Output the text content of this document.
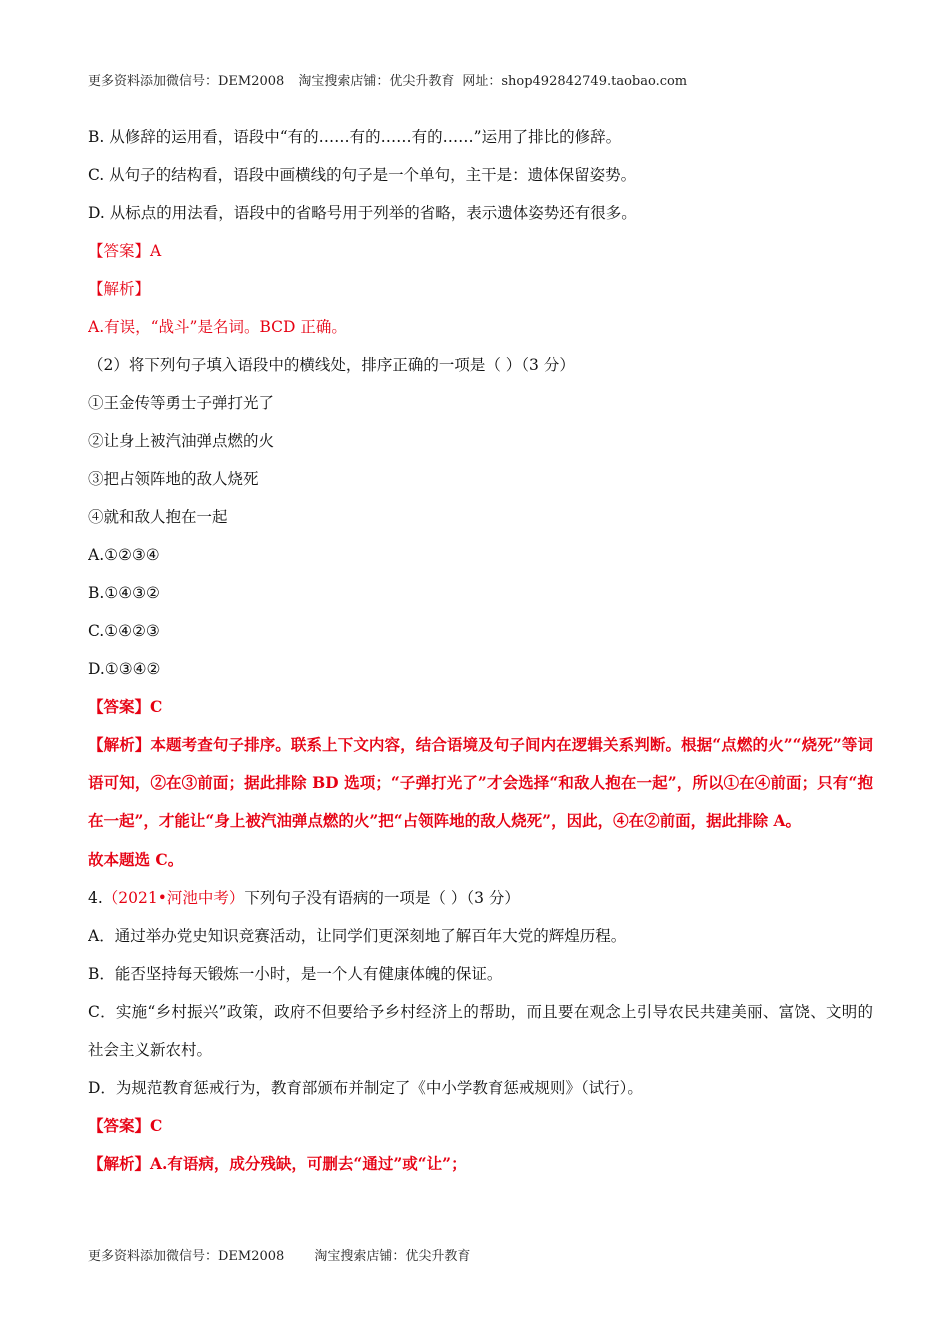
更多资料添加微信号：DEM2008 淘宝搜索店铺：优尖升教育 网址：shop492842749.taobao.com
B. 从修辞的运用看，语段中“有的……有的……有的……”运用了排比的修辞。
C. 从句子的结构看，语段中画横线的句子是一个单句，主干是：遗体保留姿势。
D. 从标点的用法看，语段中的省略号用于列举的省略，表示遗体姿势还有很多。
【答案】A
【解析】
A.有误，“战斗”是名词。BCD 正确。
（2）将下列句子填入语段中的横线处，排序正确的一项是（ ）（3 分）
①王金传等勇士子弹打光了
②让身上被汽油弹点燃的火
③把占领阵地的敌人烧死
④就和敌人抱在一起
A.①②③④
B.①④③②
C.①④②③
D.①③④②
【答案】C
【解析】本题考查句子排序。联系上下文内容，结合语境及句子间内在逻辑关系判断。根据“点燃的火”“烧死”等词语可知，②在③前面；据此排除 BD 选项；“子弹打光了”才会选择“和敌人抱在一起”，所以①在④前面；只有“抱在一起”，才能让“身上被汽油弹点燃的火”把“占领阵地的敌人烧死”，因此，④在②前面，据此排除 A。
故本题选 C。
4.（2021•河池中考）下列句子没有语病的一项是（ ）（3 分）
A．通过举办党史知识竞赛活动，让同学们更深刻地了解百年大党的辉煌历程。
B．能否坚持每天锻炼一小时，是一个人有健康体魄的保证。
C．实施“乡村振兴”政策，政府不但要给予乡村经济上的帮助，而且要在观念上引导农民共建美丽、富饶、文明的社会主义新农村。
D．为规范教育惩戒行为，教育部颁布并制定了《中小学教育惩戒规则》（试行）。
【答案】C
【解析】A.有语病，成分残缺，可删去“通过”或“让”；
更多资料添加微信号：DEM2008 淘宝搜索店铺：优尖升教育
